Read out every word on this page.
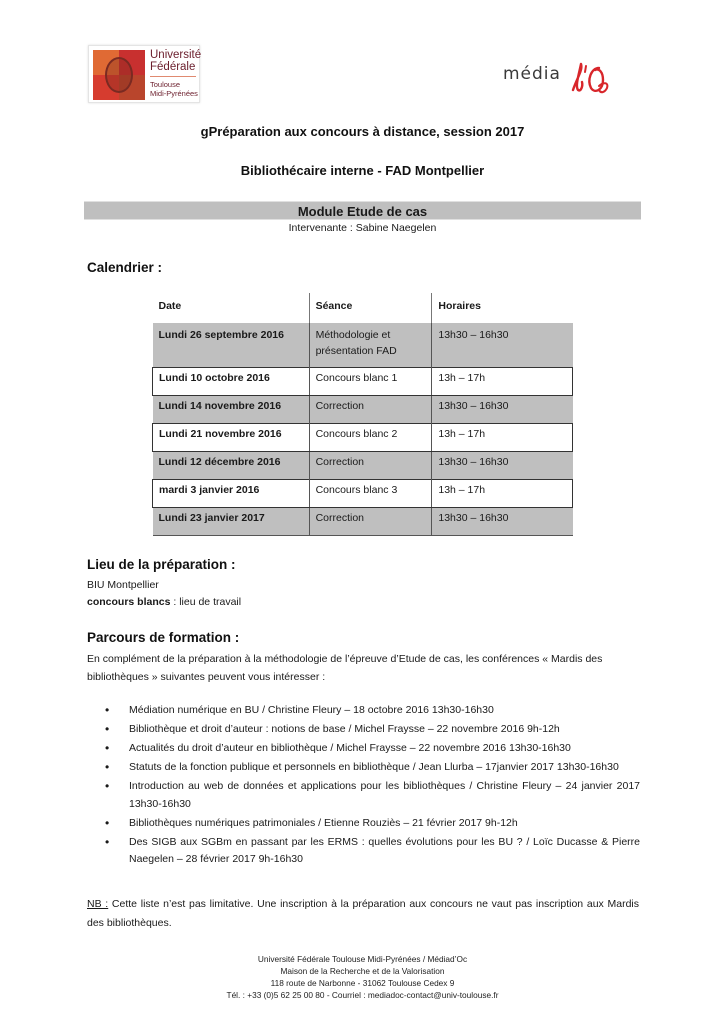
Université
Fédérale
Toulouse
Midi-Pyrénées
média
gPréparation aux concours à distance, session 2017
Bibliothécaire interne - FAD Montpellier
Module Etude de cas
Intervenante : Sabine Naegelen
Calendrier :
Date	Séance	Horaires
Lundi 26 septembre 2016	Méthodologie et présentation FAD	13h30 – 16h30
Lundi 10 octobre 2016	Concours blanc 1	13h – 17h
Lundi 14 novembre 2016	Correction	13h30 – 16h30
Lundi 21 novembre 2016	Concours blanc 2	13h – 17h
Lundi 12 décembre 2016	Correction	13h30 – 16h30
mardi 3 janvier 2016	Concours blanc 3	13h – 17h
Lundi 23 janvier 2017	Correction	13h30 – 16h30
Lieu de la préparation :
BIU Montpellier
concours blancs : lieu de travail
Parcours de formation :
En complément de la préparation à la méthodologie de l’épreuve d’Etude de cas, les conférences « Mardis des bibliothèques » suivantes peuvent vous intéresser :
• Médiation numérique en BU / Christine Fleury – 18 octobre 2016 13h30-16h30
• Bibliothèque et droit d’auteur : notions de base / Michel Fraysse – 22 novembre 2016 9h-12h
• Actualités du droit d’auteur en bibliothèque / Michel Fraysse – 22 novembre 2016 13h30-16h30
• Statuts de la fonction publique et personnels en bibliothèque / Jean Llurba – 17janvier 2017 13h30-16h30
• Introduction au web de données et applications pour les bibliothèques / Christine Fleury – 24 janvier 2017 13h30-16h30
• Bibliothèques numériques patrimoniales / Etienne Rouziès – 21 février 2017 9h-12h
• Des SIGB aux SGBm en passant par les ERMS : quelles évolutions pour les BU ? / Loïc Ducasse & Pierre Naegelen – 28 février 2017 9h-16h30
NB : Cette liste n’est pas limitative. Une inscription à la préparation aux concours ne vaut pas inscription aux Mardis des bibliothèques.
Université Fédérale Toulouse Midi-Pyrénées / Médiad’Oc
Maison de la Recherche et de la Valorisation
118 route de Narbonne - 31062 Toulouse Cedex 9
Tél. : +33 (0)5 62 25 00 80 - Courriel : mediadoc-contact@univ-toulouse.fr
